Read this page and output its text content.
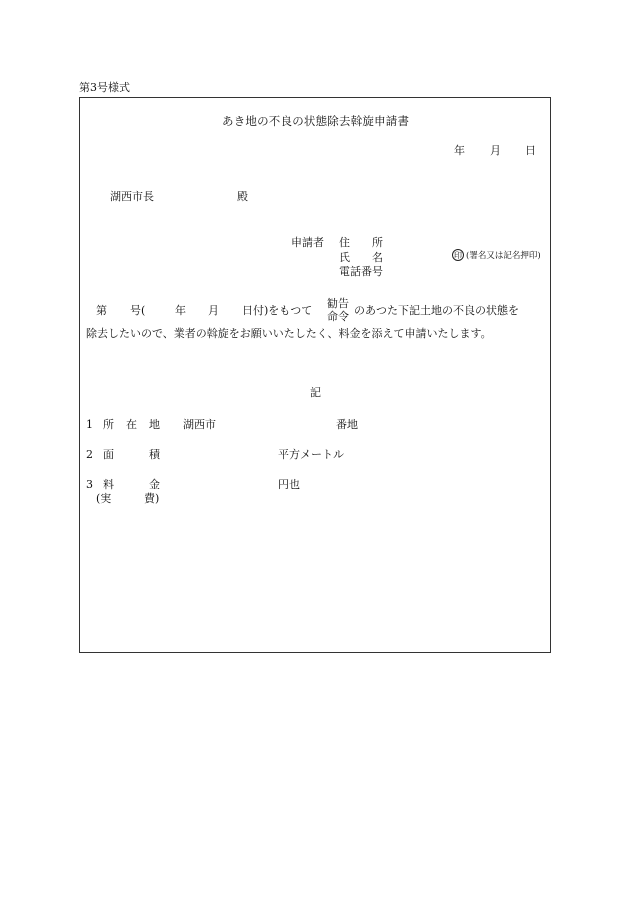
第3号様式
あき地の不良の状態除去斡旋申請書
年 月 日
湖西市長	殿
申請者 住 所
氏 名
電話番号
印 (署名又は記名押印)
第 号(	年 月 日付)をもつて
勧告
命令 のあつた下記土地の不良の状態を
除去したいので、業者の斡旋をお願いいたしたく、料金を添えて申請いたします。
記
1 所 在 地 湖西市	番地
2 面	積	平方メートル
3 料	金	円也
(実	費)
